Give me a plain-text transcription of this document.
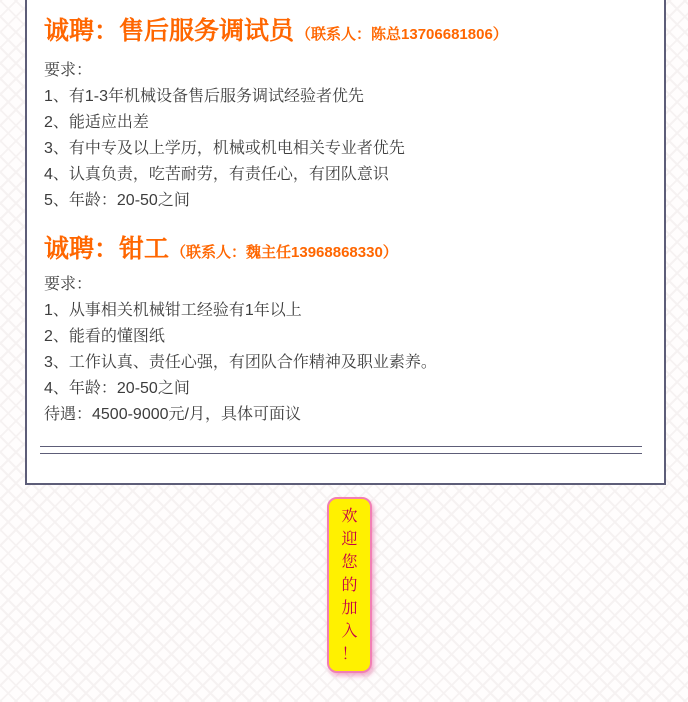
诚聘：售后服务调试员 （联系人：陈总13706681806）

要求：

1、有1-3年机械设备售后服务调试经验者优先
2、能适应出差
3、有中专及以上学历，机械或机电相关专业者优先
4、认真负责，吃苦耐劳，有责任心，有团队意识
5、年龄：20-50之间
诚聘：钳工 （联系人：魏主任13968868330）

要求：

1、从事相关机械钳工经验有1年以上
2、能看的懂图纸
3、工作认真、责任心强，有团队合作精神及职业素养。
4、年龄：20-50之间

待遇：4500-9000元/月，具体可面议

欢
迎
您
的
加
入
！
